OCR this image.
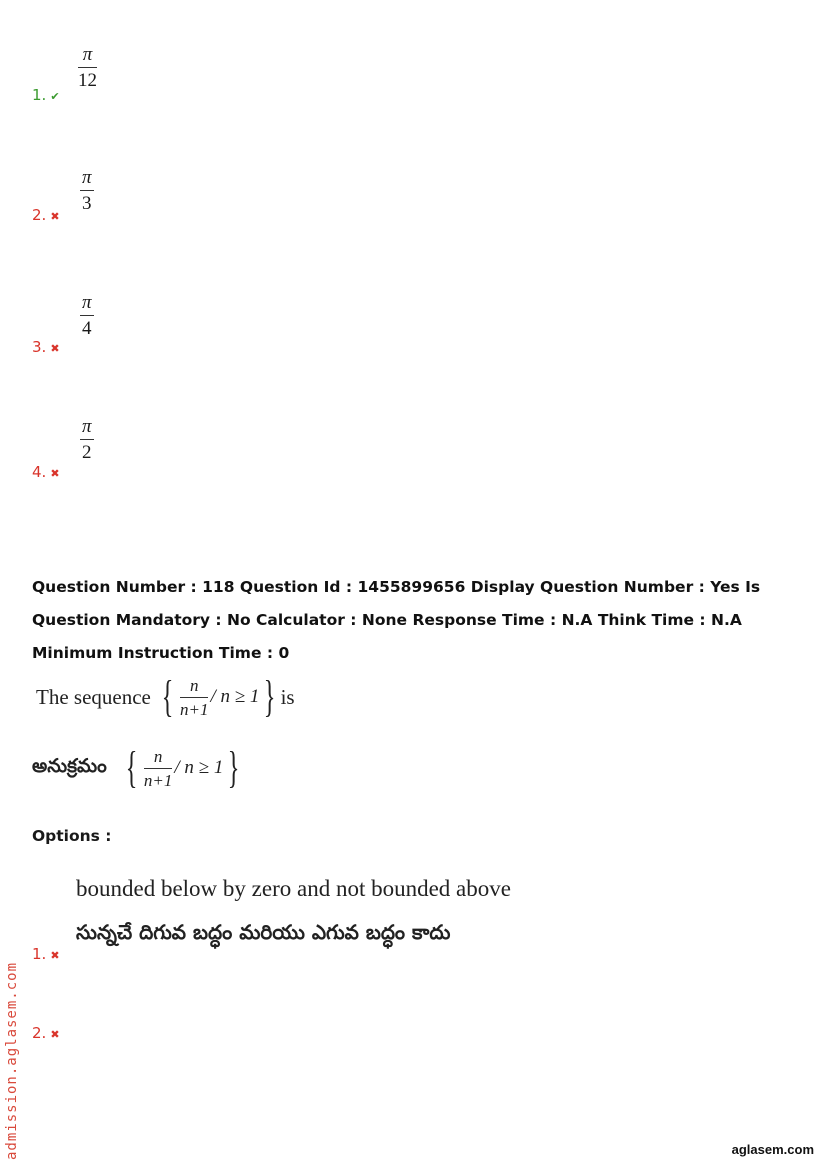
$\frac{\pi}{12}$
1. ✔
$\frac{\pi}{3}$
2. ✖
$\frac{\pi}{4}$
3. ✖
$\frac{\pi}{2}$
4. ✖
Question Number : 118 Question Id : 1455899656 Display Question Number : Yes Is Question Mandatory : No Calculator : None Response Time : N.A Think Time : N.A Minimum Instruction Time : 0
The sequence { n
n+1
/ n ≥ 1 } is
అనుక్రమం { n
n+1
/ n ≥ 1 }
Options :
bounded below by zero and not bounded above
సున్నచే దిగువ బద్ధం మరియు ఎగువ బద్ధం కాదు
1. ✖
2. ✖
admission.aglasem.com	aglasem.com
